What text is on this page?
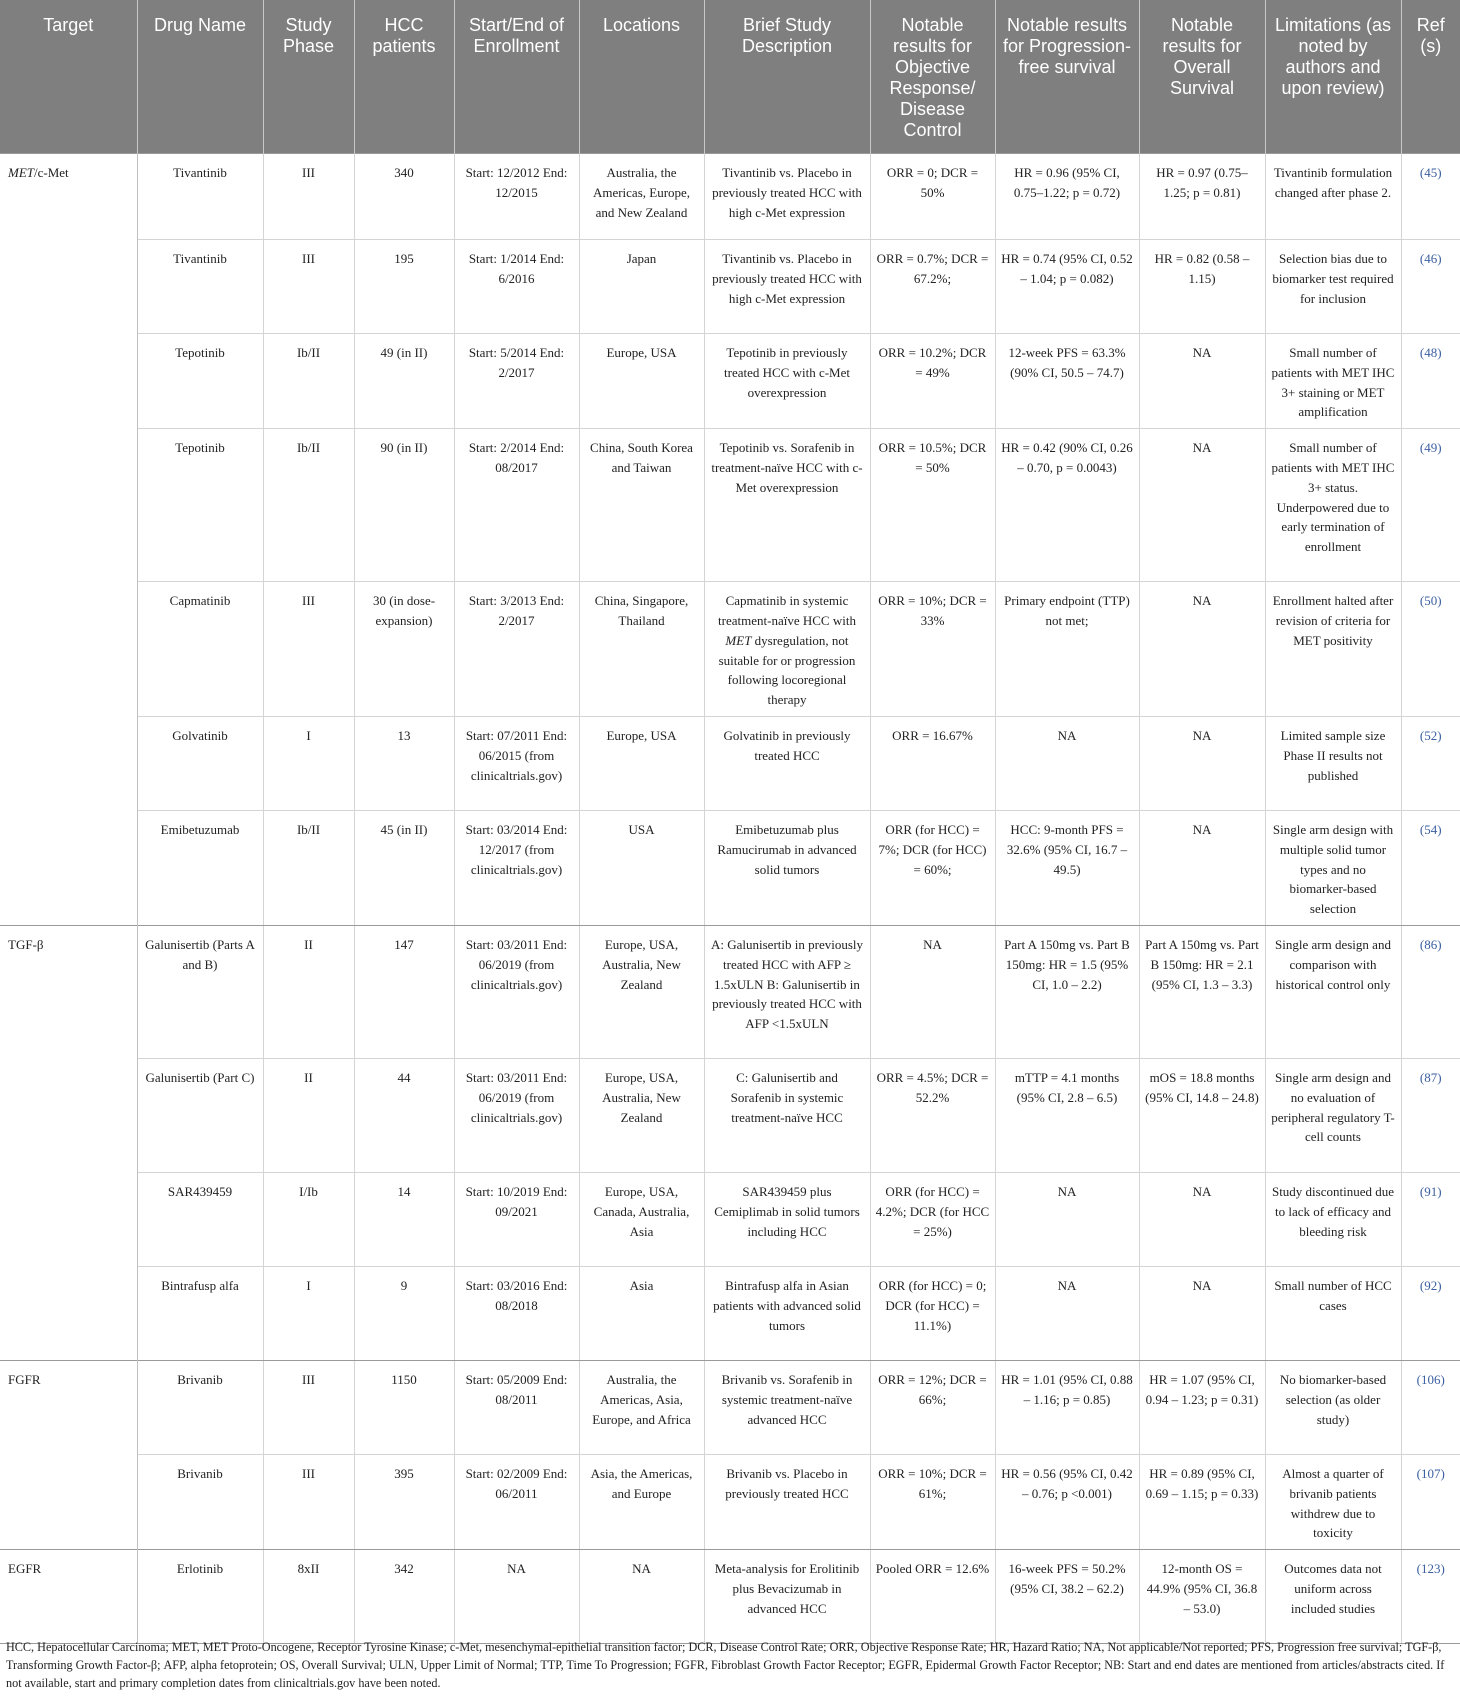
Target	Drug Name	Study Phase	HCC patients	Start/End of Enrollment	Locations	Brief Study Description	Notable results for Objective Response/ Disease Control	Notable results for Progression-free survival	Notable results for Overall Survival	Limitations (as noted by authors and upon review)	Ref (s)
MET/c-Met	Tivantinib	III	340	Start: 12/2012 End: 12/2015	Australia, the Americas, Europe, and New Zealand	Tivantinib vs. Placebo in previously treated HCC with high c-Met expression	ORR = 0; DCR = 50%	HR = 0.96 (95% CI, 0.75–1.22; p = 0.72)	HR = 0.97 (0.75–1.25; p = 0.81)	Tivantinib formulation changed after phase 2.	(45)
	Tivantinib	III	195	Start: 1/2014 End: 6/2016	Japan	Tivantinib vs. Placebo in previously treated HCC with high c-Met expression	ORR = 0.7%; DCR = 67.2%;	HR = 0.74 (95% CI, 0.52 – 1.04; p = 0.082)	HR = 0.82 (0.58 – 1.15)	Selection bias due to biomarker test required for inclusion	(46)
	Tepotinib	Ib/II	49 (in II)	Start: 5/2014 End: 2/2017	Europe, USA	Tepotinib in previously treated HCC with c-Met overexpression	ORR = 10.2%; DCR = 49%	12-week PFS = 63.3% (90% CI, 50.5 – 74.7)	NA	Small number of patients with MET IHC 3+ staining or MET amplification	(48)
	Tepotinib	Ib/II	90 (in II)	Start: 2/2014 End: 08/2017	China, South Korea and Taiwan	Tepotinib vs. Sorafenib in treatment-naïve HCC with c-Met overexpression	ORR = 10.5%; DCR = 50%	HR = 0.42 (90% CI, 0.26 – 0.70, p = 0.0043)	NA	Small number of patients with MET IHC 3+ status. Underpowered due to early termination of enrollment	(49)
	Capmatinib	III	30 (in dose-expansion)	Start: 3/2013 End: 2/2017	China, Singapore, Thailand	Capmatinib in systemic treatment-naïve HCC with MET dysregulation, not suitable for or progression following locoregional therapy	ORR = 10%; DCR = 33%	Primary endpoint (TTP) not met;	NA	Enrollment halted after revision of criteria for MET positivity	(50)
	Golvatinib	I	13	Start: 07/2011 End: 06/2015 (from clinicaltrials.gov)	Europe, USA	Golvatinib in previously treated HCC	ORR = 16.67%	NA	NA	Limited sample size Phase II results not published	(52)
	Emibetuzumab	Ib/II	45 (in II)	Start: 03/2014 End: 12/2017 (from clinicaltrials.gov)	USA	Emibetuzumab plus Ramucirumab in advanced solid tumors	ORR (for HCC) = 7%; DCR (for HCC) = 60%;	HCC: 9-month PFS = 32.6% (95% CI, 16.7 – 49.5)	NA	Single arm design with multiple solid tumor types and no biomarker-based selection	(54)
TGF-β	Galunisertib (Parts A and B)	II	147	Start: 03/2011 End: 06/2019 (from clinicaltrials.gov)	Europe, USA, Australia, New Zealand	A: Galunisertib in previously treated HCC with AFP ≥ 1.5xULN B: Galunisertib in previously treated HCC with AFP <1.5xULN	NA	Part A 150mg vs. Part B 150mg: HR = 1.5 (95% CI, 1.0 – 2.2)	Part A 150mg vs. Part B 150mg: HR = 2.1 (95% CI, 1.3 – 3.3)	Single arm design and comparison with historical control only	(86)
	Galunisertib (Part C)	II	44	Start: 03/2011 End: 06/2019 (from clinicaltrials.gov)	Europe, USA, Australia, New Zealand	C: Galunisertib and Sorafenib in systemic treatment-naïve HCC	ORR = 4.5%; DCR = 52.2%	mTTP = 4.1 months (95% CI, 2.8 – 6.5)	mOS = 18.8 months (95% CI, 14.8 – 24.8)	Single arm design and no evaluation of peripheral regulatory T-cell counts	(87)
	SAR439459	I/Ib	14	Start: 10/2019 End: 09/2021	Europe, USA, Canada, Australia, Asia	SAR439459 plus Cemiplimab in solid tumors including HCC	ORR (for HCC) = 4.2%; DCR (for HCC = 25%)	NA	NA	Study discontinued due to lack of efficacy and bleeding risk	(91)
	Bintrafusp alfa	I	9	Start: 03/2016 End: 08/2018	Asia	Bintrafusp alfa in Asian patients with advanced solid tumors	ORR (for HCC) = 0; DCR (for HCC) = 11.1%)	NA	NA	Small number of HCC cases	(92)
FGFR	Brivanib	III	1150	Start: 05/2009 End: 08/2011	Australia, the Americas, Asia, Europe, and Africa	Brivanib vs. Sorafenib in systemic treatment-naïve advanced HCC	ORR = 12%; DCR = 66%;	HR = 1.01 (95% CI, 0.88 – 1.16; p = 0.85)	HR = 1.07 (95% CI, 0.94 – 1.23; p = 0.31)	No biomarker-based selection (as older study)	(106)
	Brivanib	III	395	Start: 02/2009 End: 06/2011	Asia, the Americas, and Europe	Brivanib vs. Placebo in previously treated HCC	ORR = 10%; DCR = 61%;	HR = 0.56 (95% CI, 0.42 – 0.76; p <0.001)	HR = 0.89 (95% CI, 0.69 – 1.15; p = 0.33)	Almost a quarter of brivanib patients withdrew due to toxicity	(107)
EGFR	Erlotinib	8xII	342	NA	NA	Meta-analysis for Erolitinib plus Bevacizumab in advanced HCC	Pooled ORR = 12.6%	16-week PFS = 50.2% (95% CI, 38.2 – 62.2)	12-month OS = 44.9% (95% CI, 36.8 – 53.0)	Outcomes data not uniform across included studies	(123)
HCC, Hepatocellular Carcinoma; MET, MET Proto-Oncogene, Receptor Tyrosine Kinase; c-Met, mesenchymal-epithelial transition factor; DCR, Disease Control Rate; ORR, Objective Response Rate; HR, Hazard Ratio; NA, Not applicable/Not reported; PFS, Progression free survival; TGF-β, Transforming Growth Factor-β; AFP, alpha fetoprotein; OS, Overall Survival; ULN, Upper Limit of Normal; TTP, Time To Progression; FGFR, Fibroblast Growth Factor Receptor; EGFR, Epidermal Growth Factor Receptor; NB: Start and end dates are mentioned from articles/abstracts cited. If not available, start and primary completion dates from clinicaltrials.gov have been noted.
